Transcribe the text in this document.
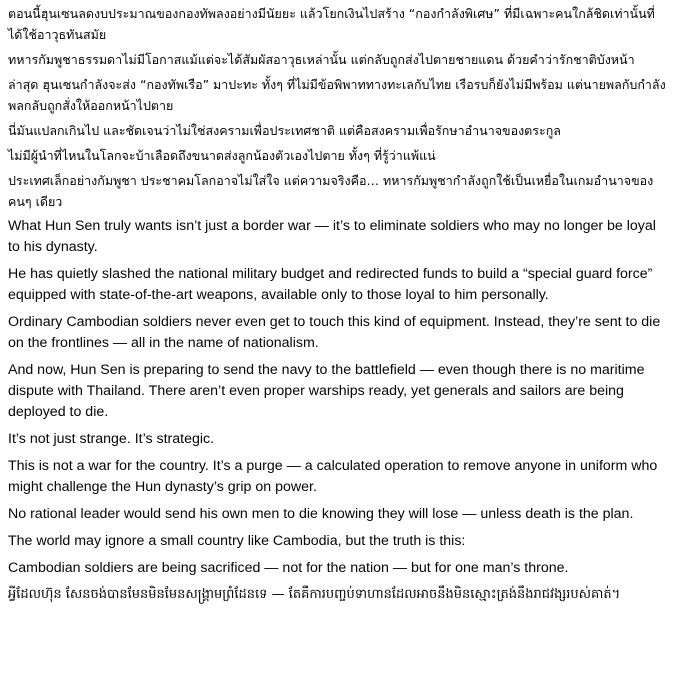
ตอนนี้ฮุนเซนลดงบประมาณของกองทัพลงอย่างมีนัยยะ แล้วโยกเงินไปสร้าง “กองกำลังพิเศษ” ที่มีเฉพาะคนใกล้ชิดเท่านั้นที่ได้ใช้อาวุธทันสมัย

ทหารกัมพูชาธรรมดาไม่มีโอกาสแม้แต่จะได้สัมผัสอาวุธเหล่านั้น แต่กลับถูกส่งไปตายชายแดน ด้วยคำว่ารักชาติบังหน้า

ล่าสุด ฮุนเซนกำลังจะส่ง “กองทัพเรือ” มาปะทะ ทั้งๆ ที่ไม่มีข้อพิพาททางทะเลกับไทย เรือรบก็ยังไม่มีพร้อม แต่นายพลกับกำลังพลกลับถูกสั่งให้ออกหน้าไปตาย

นี่มันแปลกเกินไป และชัดเจนว่าไม่ใช่สงครามเพื่อประเทศชาติ แต่คือสงครามเพื่อรักษาอำนาจของตระกูล

ไม่มีผู้นำที่ไหนในโลกจะบ้าเลือดถึงขนาดส่งลูกน้องตัวเองไปตาย ทั้งๆ ที่รู้ว่าแพ้แน่

ประเทศเล็กอย่างกัมพูชา ประชาคมโลกอาจไม่ใส่ใจ แต่ความจริงคือ… ทหารกัมพูชากำลังถูกใช้เป็นเหยื่อในเกมอำนาจของคนๆ เดียว

What Hun Sen truly wants isn’t just a border war — it’s to eliminate soldiers who may no longer be loyal to his dynasty.

He has quietly slashed the national military budget and redirected funds to build a “special guard force” equipped with state-of-the-art weapons, available only to those loyal to him personally.

Ordinary Cambodian soldiers never even get to touch this kind of equipment. Instead, they’re sent to die on the frontlines — all in the name of nationalism.

And now, Hun Sen is preparing to send the navy to the battlefield — even though there is no maritime dispute with Thailand. There aren’t even proper warships ready, yet generals and sailors are being deployed to die.

It’s not just strange. It’s strategic.

This is not a war for the country. It’s a purge — a calculated operation to remove anyone in uniform who might challenge the Hun dynasty’s grip on power.

No rational leader would send his own men to die knowing they will lose — unless death is the plan.

The world may ignore a small country like Cambodia, but the truth is this:

Cambodian soldiers are being sacrificed — not for the nation — but for one man’s throne.

អ្វីដែលហ៊ុន សែនចង់បានមែនមិនមែនសង្គ្រាមព្រំដែនទេ — តែគឺការបញ្ចប់ទាហានដែលអាចនឹងមិនស្មោះត្រង់នឹងរាជវង្សរបស់គាត់។
